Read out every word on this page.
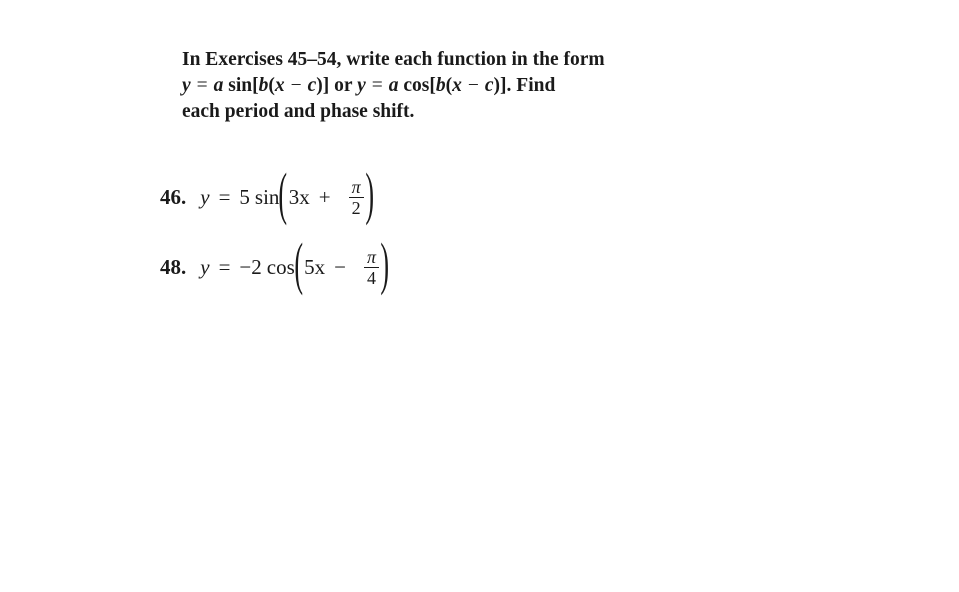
In Exercises 45–54, write each function in the form
y = a sin[b(x − c)] or y = a cos[b(x − c)]. Find
each period and phase shift.
46. y = 5 sin ( 3x +	$\frac{\pi}{2}$ )
48. y = −2 cos ( 5x −	$\frac{\pi}{4}$ )
